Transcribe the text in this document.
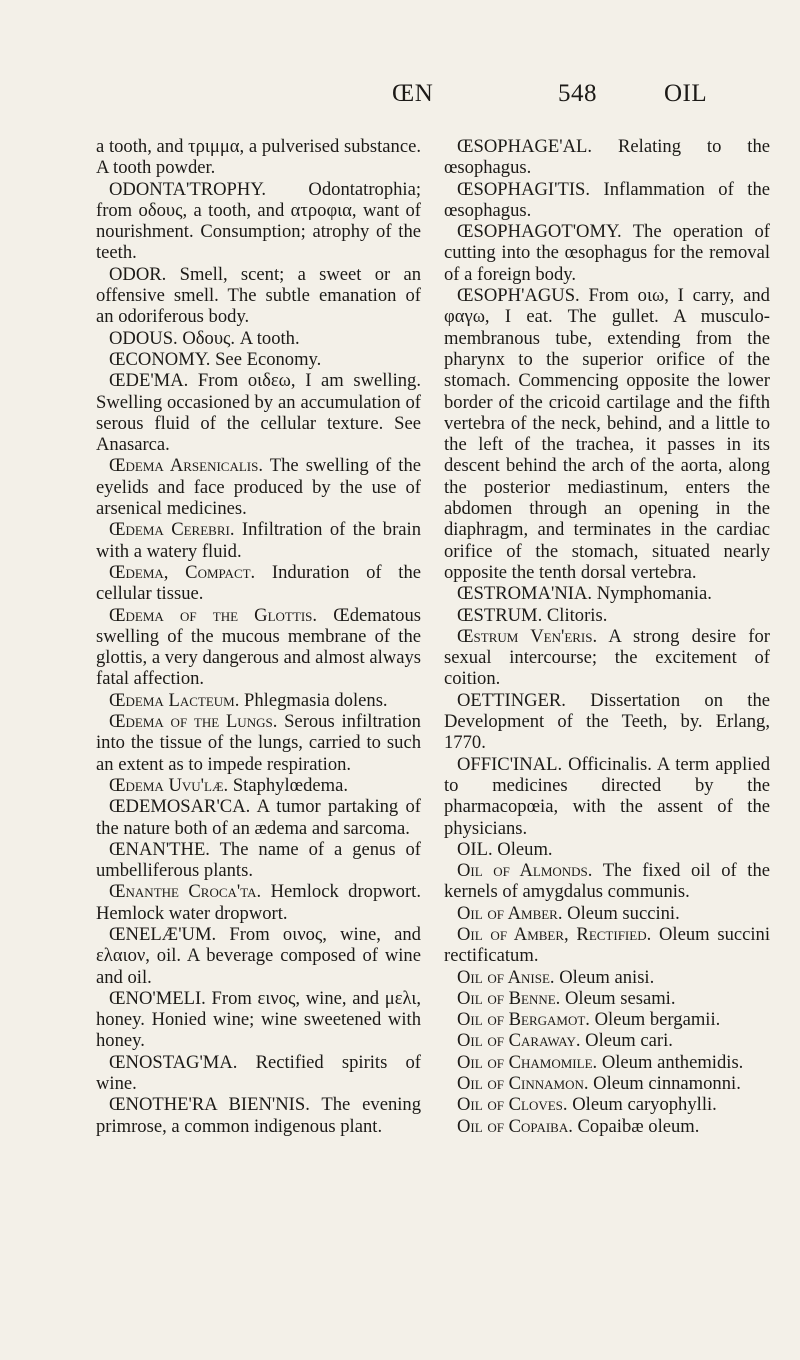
ŒN	548	OIL

a tooth, and τριμμα, a pulverised substance. A tooth powder.

ODONTA'TROPHY. Odontatrophia; from οδους, a tooth, and ατροφια, want of nourishment. Consumption; atrophy of the teeth.

ODOR. Smell, scent; a sweet or an offensive smell. The subtle emanation of an odoriferous body.

ODOUS. Οδους. A tooth.

ŒCONOMY. See Economy.

ŒDE'MA. From οιδεω, I am swelling. Swelling occasioned by an accumulation of serous fluid of the cellular texture. See Anasarca.

Œdema Arsenicalis. The swelling of the eyelids and face produced by the use of arsenical medicines.

Œdema Cerebri. Infiltration of the brain with a watery fluid.

Œdema, Compact. Induration of the cellular tissue.

Œdema of the Glottis. Œdematous swelling of the mucous membrane of the glottis, a very dangerous and almost always fatal affection.

Œdema Lacteum. Phlegmasia dolens.

Œdema of the Lungs. Serous infiltration into the tissue of the lungs, carried to such an extent as to impede respiration.

Œdema Uvu'læ. Staphylœdema.

ŒDEMOSAR'CA. A tumor partaking of the nature both of an ædema and sarcoma.

ŒNAN'THE. The name of a genus of umbelliferous plants.

Œnanthe Croca'ta. Hemlock dropwort. Hemlock water dropwort.

ŒNELÆ'UM. From οινος, wine, and ελαιον, oil. A beverage composed of wine and oil.

ŒNO'MELI. From εινος, wine, and μελι, honey. Honied wine; wine sweetened with honey.

ŒNOSTAG'MA. Rectified spirits of wine.

ŒNOTHE'RA BIEN'NIS. The evening primrose, a common indigenous plant.

ŒSOPHAGE'AL. Relating to the œsophagus.

ŒSOPHAGI'TIS. Inflammation of the œsophagus.

ŒSOPHAGOT'OMY. The operation of cutting into the œsophagus for the removal of a foreign body.

ŒSOPH'AGUS. From οιω, I carry, and φαγω, I eat. The gullet. A musculo-membranous tube, extending from the pharynx to the superior orifice of the stomach. Commencing opposite the lower border of the cricoid cartilage and the fifth vertebra of the neck, behind, and a little to the left of the trachea, it passes in its descent behind the arch of the aorta, along the posterior mediastinum, enters the abdomen through an opening in the diaphragm, and terminates in the cardiac orifice of the stomach, situated nearly opposite the tenth dorsal vertebra.

ŒSTROMA'NIA. Nymphomania.

ŒSTRUM. Clitoris.

Œstrum Ven'eris. A strong desire for sexual intercourse; the excitement of coition.

OETTINGER. Dissertation on the Development of the Teeth, by. Erlang, 1770.

OFFIC'INAL. Officinalis. A term applied to medicines directed by the pharmacopœia, with the assent of the physicians.

OIL. Oleum.

Oil of Almonds. The fixed oil of the kernels of amygdalus communis.

Oil of Amber. Oleum succini.

Oil of Amber, Rectified. Oleum succini rectificatum.

Oil of Anise. Oleum anisi.

Oil of Benne. Oleum sesami.

Oil of Bergamot. Oleum bergamii.

Oil of Caraway. Oleum cari.

Oil of Chamomile. Oleum anthemidis.

Oil of Cinnamon. Oleum cinnamonni.

Oil of Cloves. Oleum caryophylli.

Oil of Copaiba. Copaibæ oleum.
